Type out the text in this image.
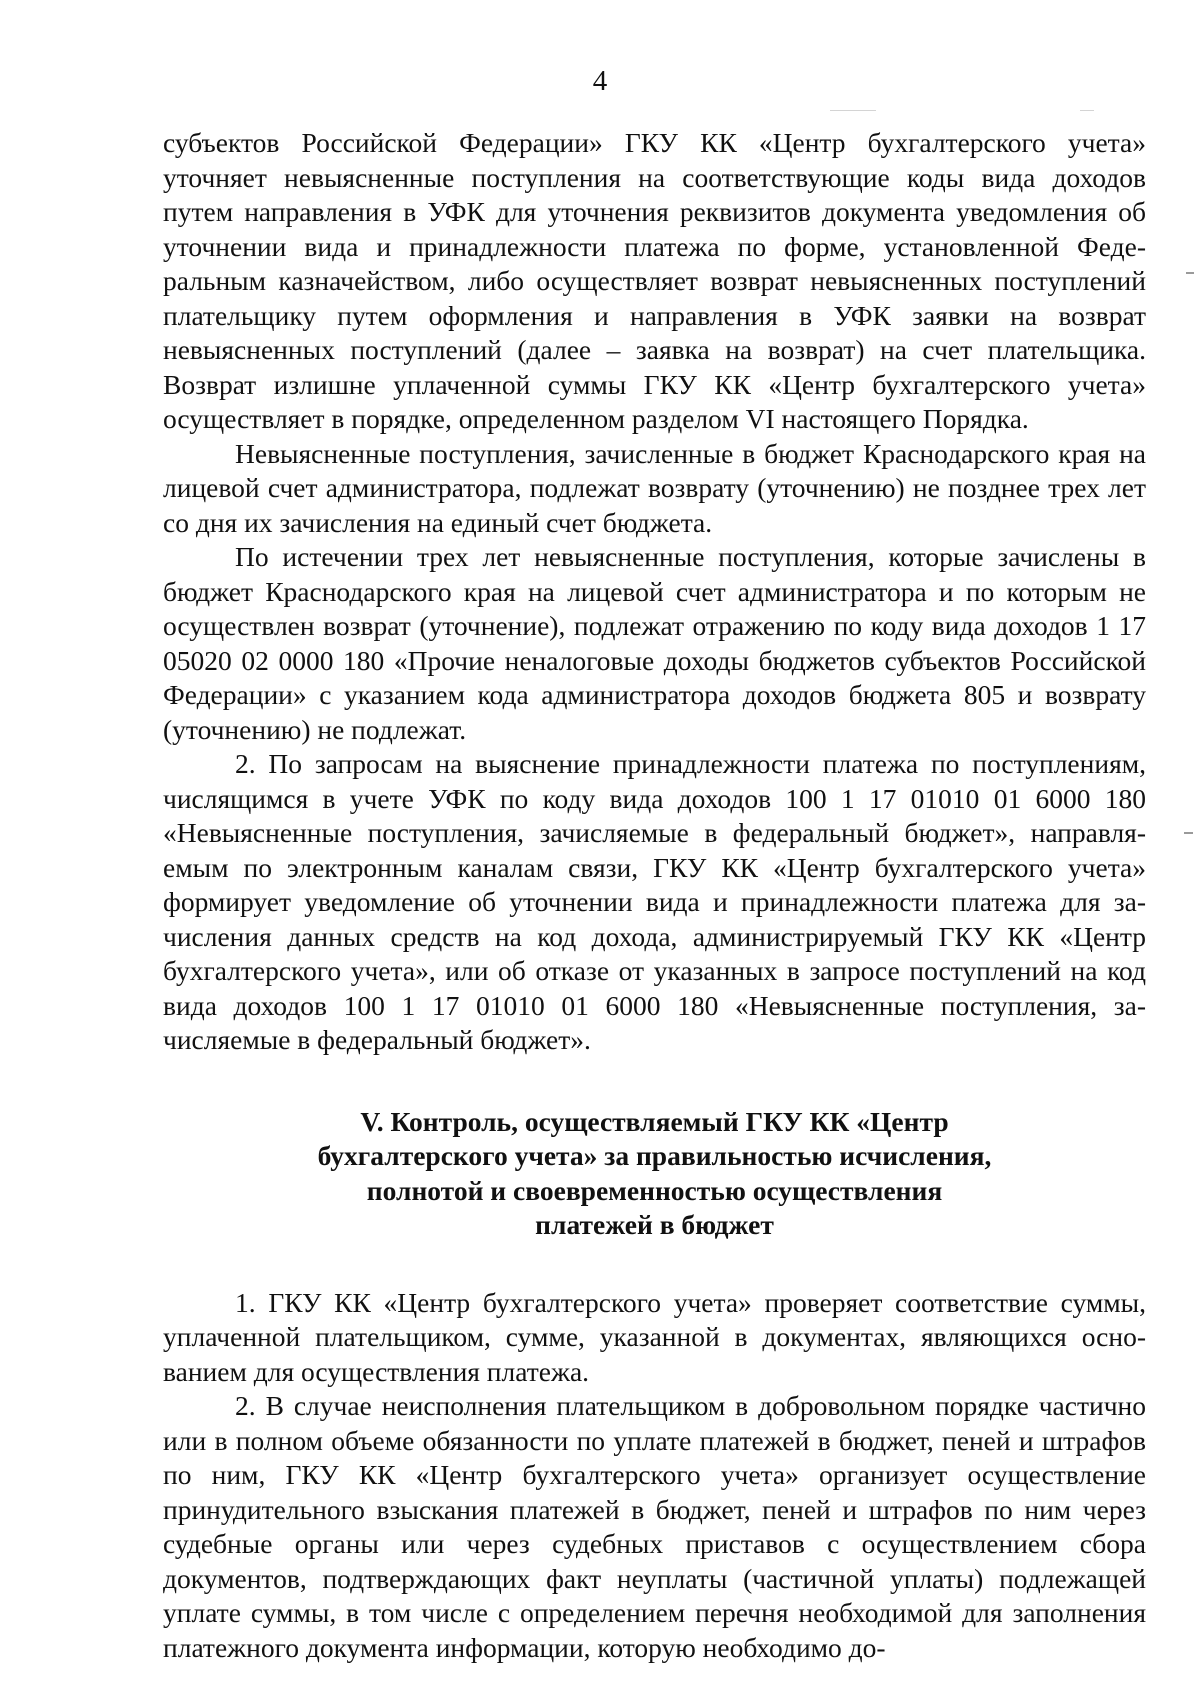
4

субъектов Российской Федерации» ГКУ КК «Центр бухгалтерского учета» уточняет невыясненные поступления на соответствующие коды вида доходов путем направления в УФК для уточнения реквизитов документа уведомления об уточнении вида и принадлежности платежа по форме, установленной Федеральным казначейством, либо осуществляет возврат невыясненных поступлений плательщику путем оформления и направления в УФК заявки на возврат невыясненных поступлений (далее – заявка на возврат) на счет плательщика. Возврат излишне уплаченной суммы ГКУ КК «Центр бухгалтерского учета» осуществляет в порядке, определенном разделом VI настоящего Порядка.

Невыясненные поступления, зачисленные в бюджет Краснодарского края на лицевой счет администратора, подлежат возврату (уточнению) не позднее трех лет со дня их зачисления на единый счет бюджета.

По истечении трех лет невыясненные поступления, которые зачислены в бюджет Краснодарского края на лицевой счет администратора и по которым не осуществлен возврат (уточнение), подлежат отражению по коду вида доходов 1 17 05020 02 0000 180 «Прочие неналоговые доходы бюджетов субъектов Российской Федерации» с указанием кода администратора доходов бюджета 805 и возврату (уточнению) не подлежат.

2. По запросам на выяснение принадлежности платежа по поступлениям, числящимся в учете УФК по коду вида доходов 100 1 17 01010 01 6000 180 «Невыясненные поступления, зачисляемые в федеральный бюджет», направляемым по электронным каналам связи, ГКУ КК «Центр бухгалтерского учета» формирует уведомление об уточнении вида и принадлежности платежа для зачисления данных средств на код дохода, администрируемый ГКУ КК «Центр бухгалтерского учета», или об отказе от указанных в запросе поступлений на код вида доходов 100 1 17 01010 01 6000 180 «Невыясненные поступления, зачисляемые в федеральный бюджет».

V. Контроль, осуществляемый ГКУ КК «Центр
бухгалтерского учета» за правильностью исчисления,
полнотой и своевременностью осуществления
платежей в бюджет

1. ГКУ КК «Центр бухгалтерского учета» проверяет соответствие суммы, уплаченной плательщиком, сумме, указанной в документах, являющихся основанием для осуществления платежа.

2. В случае неисполнения плательщиком в добровольном порядке частично или в полном объеме обязанности по уплате платежей в бюджет, пеней и штрафов по ним, ГКУ КК «Центр бухгалтерского учета» организует осуществление принудительного взыскания платежей в бюджет, пеней и штрафов по ним через судебные органы или через судебных приставов с осуществлением сбора документов, подтверждающих факт неуплаты (частичной уплаты) подлежащей уплате суммы, в том числе с определением перечня необходимой для заполнения платежного документа информации, которую необходимо до-
